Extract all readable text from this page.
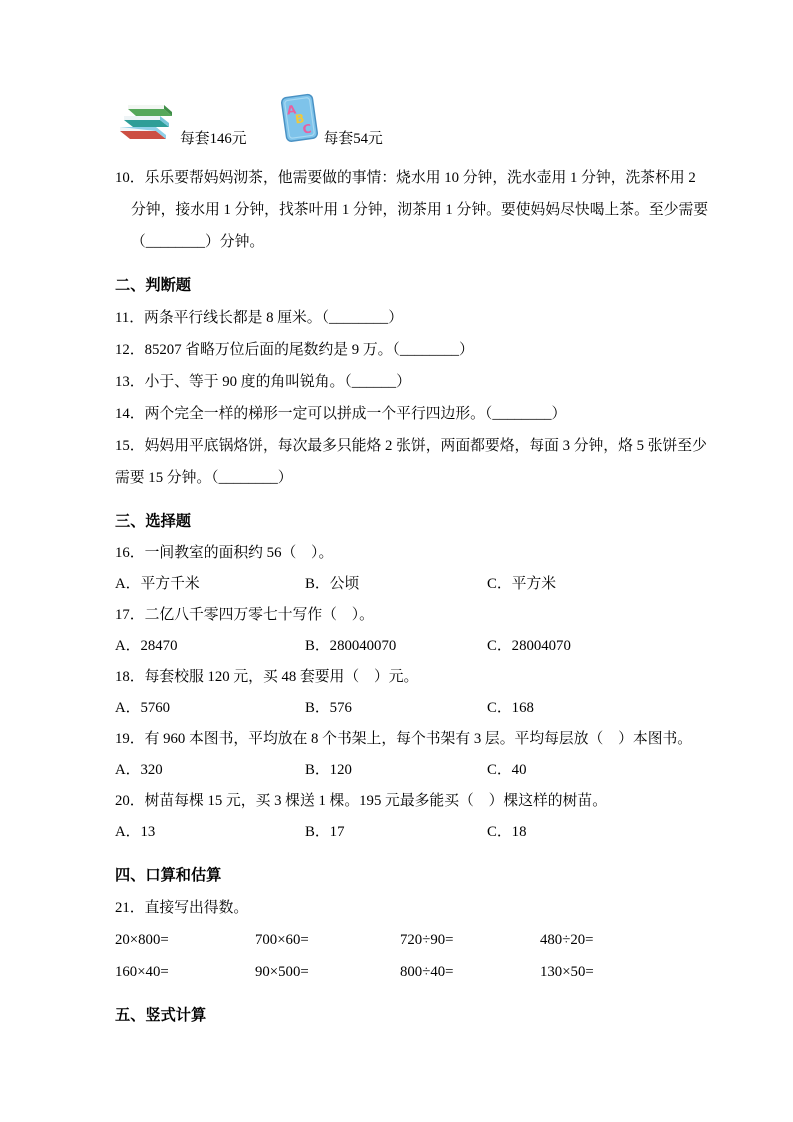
每套146元
A
B
C
每套54元
10．乐乐要帮妈妈沏茶，他需要做的事情：烧水用 10 分钟，洗水壶用 1 分钟，洗茶杯用 2
分钟，接水用 1 分钟，找茶叶用 1 分钟，沏茶用 1 分钟。要使妈妈尽快喝上茶。至少需要
（________）分钟。
二、判断题
11．两条平行线长都是 8 厘米。（________）
12．85207 省略万位后面的尾数约是 9 万。（________）
13．小于、等于 90 度的角叫锐角。（______）
14．两个完全一样的梯形一定可以拼成一个平行四边形。（________）
15．妈妈用平底锅烙饼，每次最多只能烙 2 张饼，两面都要烙，每面 3 分钟，烙 5 张饼至少
需要 15 分钟。（________）
三、选择题
16．一间教室的面积约 56（　）。
A．平方千米	B．公顷	C．平方米
17．二亿八千零四万零七十写作（　）。
A．28470	B．280040070	C．28004070
18．每套校服 120 元，买 48 套要用（　）元。
A．5760	B．576	C．168
19．有 960 本图书，平均放在 8 个书架上，每个书架有 3 层。平均每层放（　）本图书。
A．320	B．120	C．40
20．树苗每棵 15 元，买 3 棵送 1 棵。195 元最多能买（　）棵这样的树苗。
A．13	B．17	C．18
四、口算和估算
21．直接写出得数。
20×800=	700×60=	720÷90=	480÷20=
160×40=	90×500=	800÷40=	130×50=
五、竖式计算
